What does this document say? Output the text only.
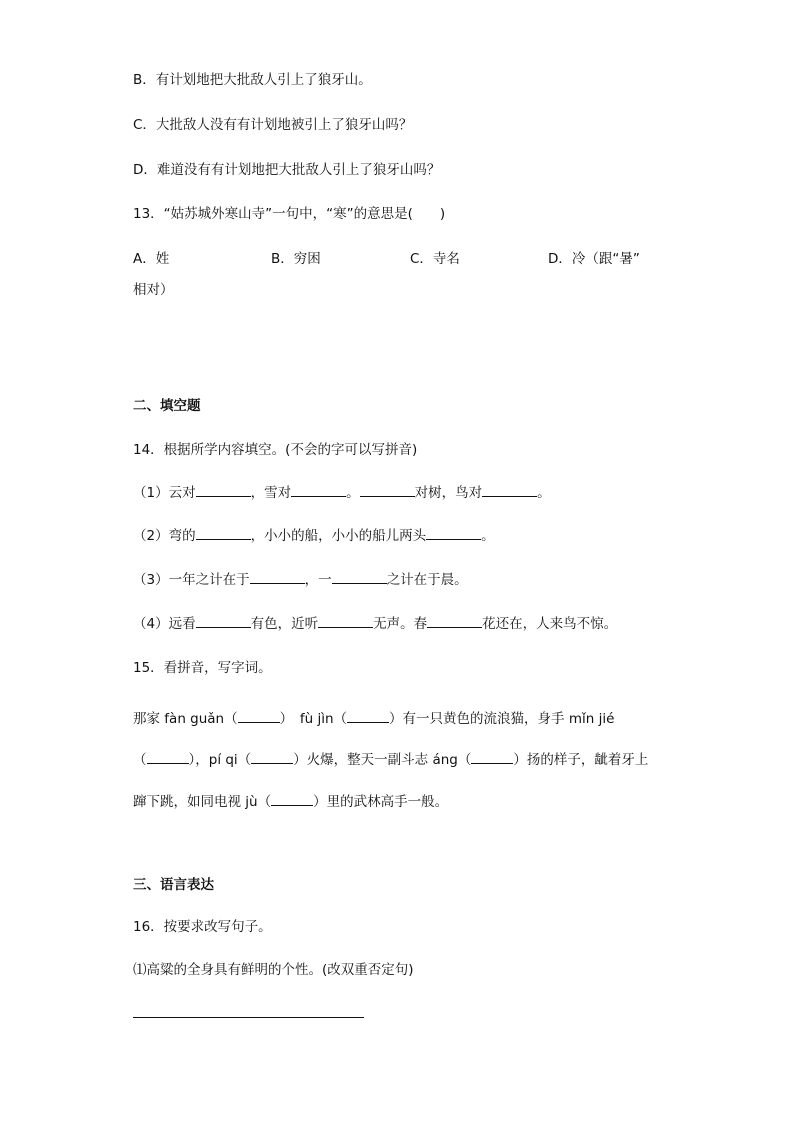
B．有计划地把大批敌人引上了狼牙山。
C．大批敌人没有有计划地被引上了狼牙山吗？
D．难道没有有计划地把大批敌人引上了狼牙山吗？
13．“姑苏城外寒山寺”一句中，“寒”的意思是(　　)
A．姓	B．穷困	C．寺名	D．冷（跟“暑”
相对）
二、填空题
14．根据所学内容填空。(不会的字可以写拼音)
（1）云对	，雪对	。	对树，鸟对	。
（2）弯的	，小小的船，小小的船儿两头	。
（3）一年之计在于	，一	之计在于晨。
（4）远看	有色，近听	无声。春	花还在，人来鸟不惊。
15．看拼音，写字词。
那家 fàn guǎn（	）　fù jìn（	）有一只黄色的流浪猫，身手 mǐn jié
（	），pí qi（	）火爆，整天一副斗志 áng（	）扬的样子，龇着牙上
蹿下跳，如同电视 jù（	）里的武林高手一般。
三、语言表达
16．按要求改写句子。
⑴高粱的全身具有鲜明的个性。(改双重否定句)
